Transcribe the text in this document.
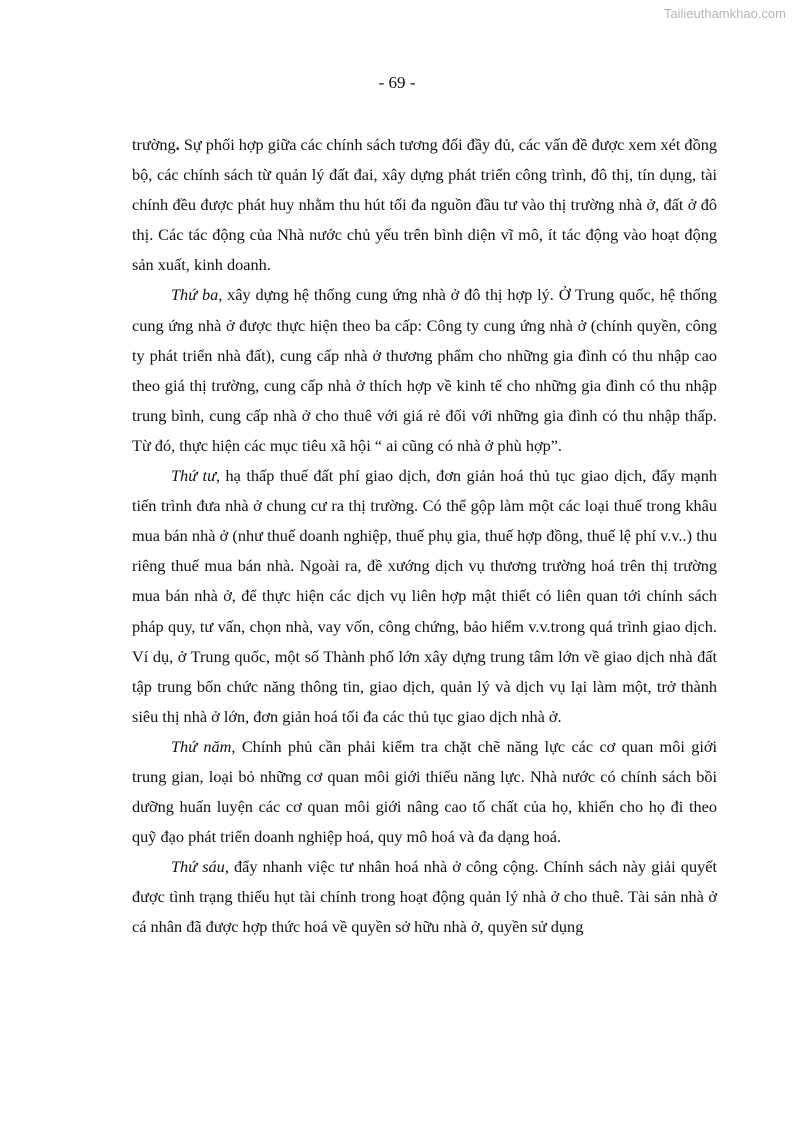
Tailieuthamkhao.com
- 69 -

trường. Sự phối hợp giữa các chính sách tương đối đầy đủ, các vấn đề được xem xét đồng bộ, các chính sách từ quản lý đất đai, xây dựng phát triển công trình, đô thị, tín dụng, tài chính đều được phát huy nhằm thu hút tối đa nguồn đầu tư vào thị trường nhà ở, đất ở đô thị. Các tác động của Nhà nước chủ yếu trên bình diện vĩ mô, ít tác động vào hoạt động sản xuất, kinh doanh.

Thứ ba, xây dựng hệ thống cung ứng nhà ở đô thị hợp lý. Ở Trung quốc, hệ thống cung ứng nhà ở được thực hiện theo ba cấp: Công ty cung ứng nhà ở (chính quyền, công ty phát triển nhà đất), cung cấp nhà ở thương phẩm cho những gia đình có thu nhập cao theo giá thị trường, cung cấp nhà ở thích hợp về kinh tế cho những gia đình có thu nhập trung bình, cung cấp nhà ở cho thuê với giá rẻ đối với những gia đình có thu nhập thấp. Từ đó, thực hiện các mục tiêu xã hội “ ai cũng có nhà ở phù hợp”.

Thứ tư, hạ thấp thuế đất phí giao dịch, đơn giản hoá thủ tục giao dịch, đẩy mạnh tiến trình đưa nhà ở chung cư ra thị trường. Có thể gộp làm một các loại thuế trong khâu mua bán nhà ở (như thuế doanh nghiệp, thuế phụ gia, thuế hợp đồng, thuế lệ phí v.v..) thu riêng thuế mua bán nhà. Ngoài ra, đề xướng dịch vụ thương trường hoá trên thị trường mua bán nhà ở, để thực hiện các dịch vụ liên hợp mật thiết có liên quan tới chính sách pháp quy, tư vấn, chọn nhà, vay vốn, công chứng, bảo hiểm v.v.trong quá trình giao dịch. Ví dụ, ở Trung quốc, một số Thành phố lớn xây dựng trung tâm lớn về giao dịch nhà đất tập trung bốn chức năng thông tin, giao dịch, quản lý và dịch vụ lại làm một, trở thành siêu thị nhà ở lớn, đơn giản hoá tối đa các thủ tục giao dịch nhà ở.

Thứ năm, Chính phủ cần phải kiểm tra chặt chẽ năng lực các cơ quan môi giới trung gian, loại bỏ những cơ quan môi giới thiếu năng lực. Nhà nước có chính sách bồi dưỡng huấn luyện các cơ quan môi giới nâng cao tố chất của họ, khiến cho họ đi theo quỹ đạo phát triển doanh nghiệp hoá, quy mô hoá và đa dạng hoá.

Thứ sáu, đẩy nhanh việc tư nhân hoá nhà ở công cộng. Chính sách này giải quyết được tình trạng thiếu hụt tài chính trong hoạt động quản lý nhà ở cho thuê. Tài sản nhà ở cá nhân đã được hợp thức hoá về quyền sở hữu nhà ở, quyền sử dụng
